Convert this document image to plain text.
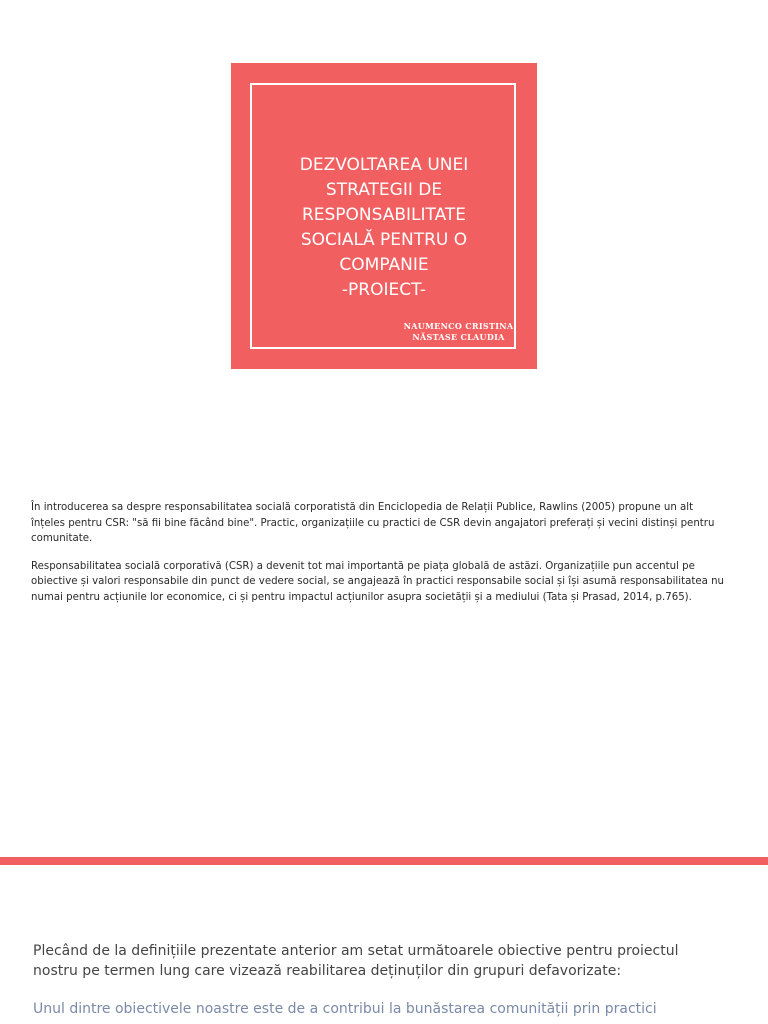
DEZVOLTAREA UNEI
STRATEGII DE
RESPONSABILITATE
SOCIALĂ PENTRU O
COMPANIE
-PROIECT-
NAUMENCO CRISTINA
NĂSTASE CLAUDIA

În introducerea sa despre responsabilitatea socială corporatistă din Enciclopedia de Relații Publice, Rawlins (2005) propune un alt
înțeles pentru CSR: "să fii bine făcând bine". Practic, organizațiile cu practici de CSR devin angajatori preferați și vecini distinși pentru
comunitate.

Responsabilitatea socială corporativă (CSR) a devenit tot mai importantă pe piața globală de astăzi. Organizațiile pun accentul pe
obiective și valori responsabile din punct de vedere social, se angajează în practici responsabile social și își asumă responsabilitatea nu
numai pentru acțiunile lor economice, ci și pentru impactul acțiunilor asupra societății și a mediului (Tata și Prasad, 2014, p.765).

Plecând de la definițiile prezentate anterior am setat următoarele obiective pentru proiectul

nostru pe termen lung care vizează reabilitarea deținuților din grupuri defavorizate:

Unul dintre obiectivele noastre este de a contribui la bunăstarea comunității prin practici
